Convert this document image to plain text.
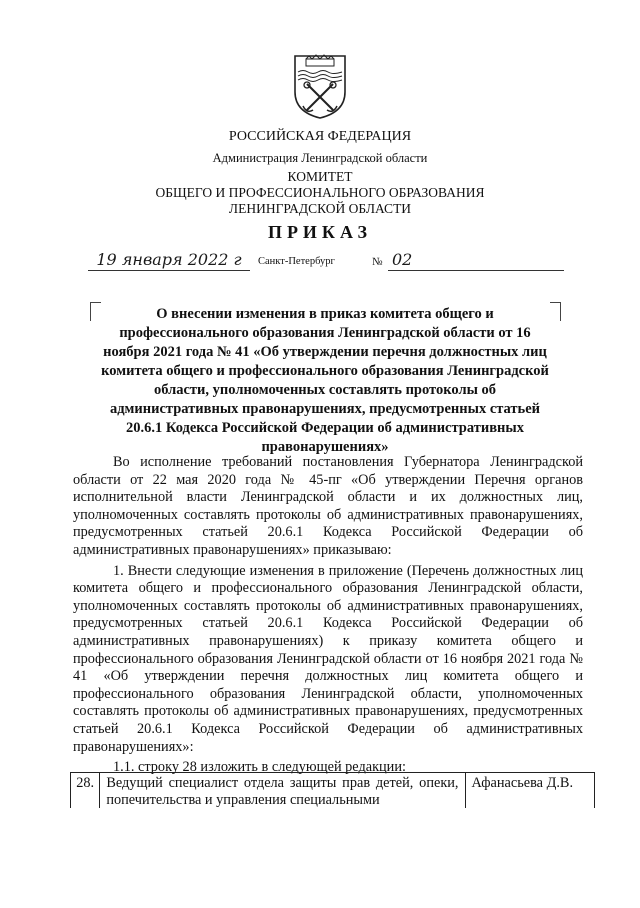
РОССИЙСКАЯ ФЕДЕРАЦИЯ
Администрация Ленинградской области
КОМИТЕТ
ОБЩЕГО И ПРОФЕССИОНАЛЬНОГО ОБРАЗОВАНИЯ
ЛЕНИНГРАДСКОЙ ОБЛАСТИ
ПРИКАЗ
19 января 2022 г	Санкт-Петербург	№ 02
О внесении изменения в приказ комитета общего и профессионального образования Ленинградской области от 16 ноября 2021 года № 41 «Об утверждении перечня должностных лиц комитета общего и профессионального образования Ленинградской области, уполномоченных составлять протоколы об административных правонарушениях, предусмотренных статьей 20.6.1 Кодекса Российской Федерации об административных правонарушениях»

Во исполнение требований постановления Губернатора Ленинградской области от 22 мая 2020 года № 45-пг «Об утверждении Перечня органов исполнительной власти Ленинградской области и их должностных лиц, уполномоченных составлять протоколы об административных правонарушениях, предусмотренных статьей 20.6.1 Кодекса Российской Федерации об административных правонарушениях» приказываю:

1. Внести следующие изменения в приложение (Перечень должностных лиц комитета общего и профессионального образования Ленинградской области, уполномоченных составлять протоколы об административных правонарушениях, предусмотренных статьей 20.6.1 Кодекса Российской Федерации об административных правонарушениях) к приказу комитета общего и профессионального образования Ленинградской области от 16 ноября 2021 года № 41 «Об утверждении перечня должностных лиц комитета общего и профессионального образования Ленинградской области, уполномоченных составлять протоколы об административных правонарушениях, предусмотренных статьей 20.6.1 Кодекса Российской Федерации об административных правонарушениях»:

1.1. строку 28 изложить в следующей редакции:

28.	Ведущий специалист отдела защиты прав детей, опеки, попечительства и управления специальными	Афанасьева Д.В.
